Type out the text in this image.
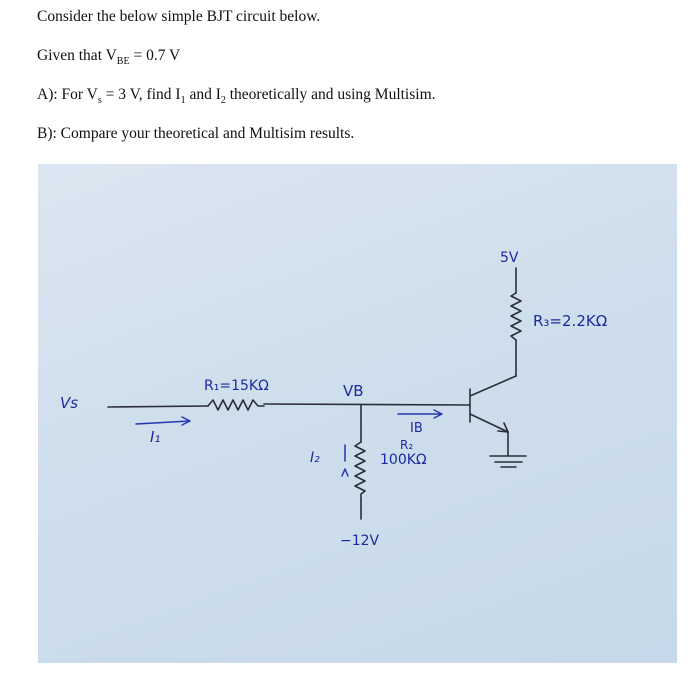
Consider the below simple BJT circuit below.
Given that $V_{BE} = 0.7$ V
A): For $V_s = 3$ V, find $I_1$ and $I_2$ theoretically and using Multisim.
B): Compare your theoretical and Multisim results.
Vs
R₁=15KΩ	VB
I₁
I₂
IB
R₂
100KΩ
−12V
5V
R₃=2.2KΩ
